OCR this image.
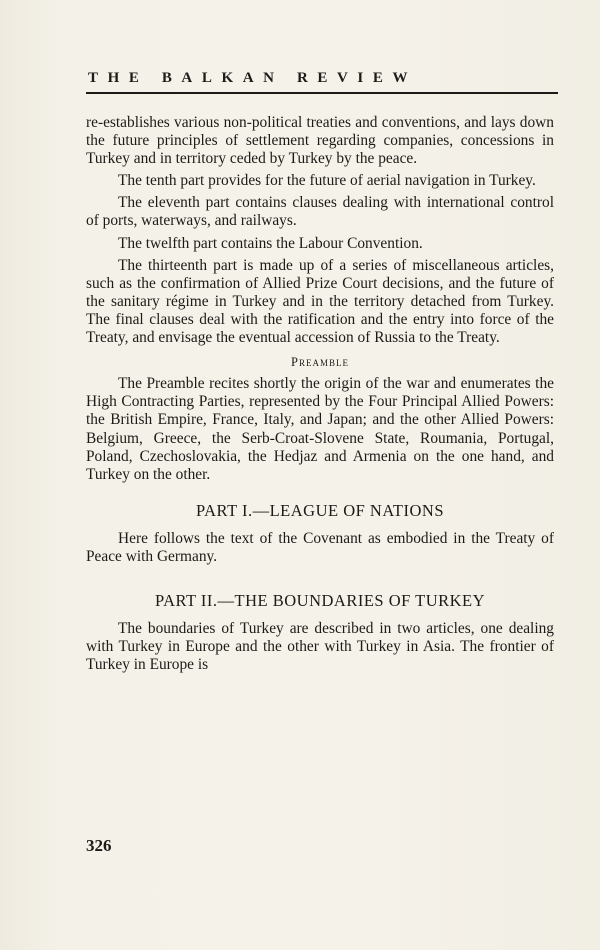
THE BALKAN REVIEW

re-establishes various non-political treaties and conventions, and lays down the future principles of settlement regarding companies, concessions in Turkey and in territory ceded by Turkey by the peace.

The tenth part provides for the future of aerial navigation in Turkey.

The eleventh part contains clauses dealing with international control of ports, waterways, and railways.

The twelfth part contains the Labour Convention.

The thirteenth part is made up of a series of miscellaneous articles, such as the confirmation of Allied Prize Court decisions, and the future of the sanitary régime in Turkey and in the territory detached from Turkey. The final clauses deal with the ratification and the entry into force of the Treaty, and envisage the eventual accession of Russia to the Treaty.

Preamble

The Preamble recites shortly the origin of the war and enumerates the High Contracting Parties, represented by the Four Principal Allied Powers: the British Empire, France, Italy, and Japan; and the other Allied Powers: Belgium, Greece, the Serb-Croat-Slovene State, Roumania, Portugal, Poland, Czechoslovakia, the Hedjaz and Armenia on the one hand, and Turkey on the other.

PART I.—LEAGUE OF NATIONS

Here follows the text of the Covenant as embodied in the Treaty of Peace with Germany.

PART II.—THE BOUNDARIES OF TURKEY

The boundaries of Turkey are described in two articles, one dealing with Turkey in Europe and the other with Turkey in Asia. The frontier of Turkey in Europe is

326
